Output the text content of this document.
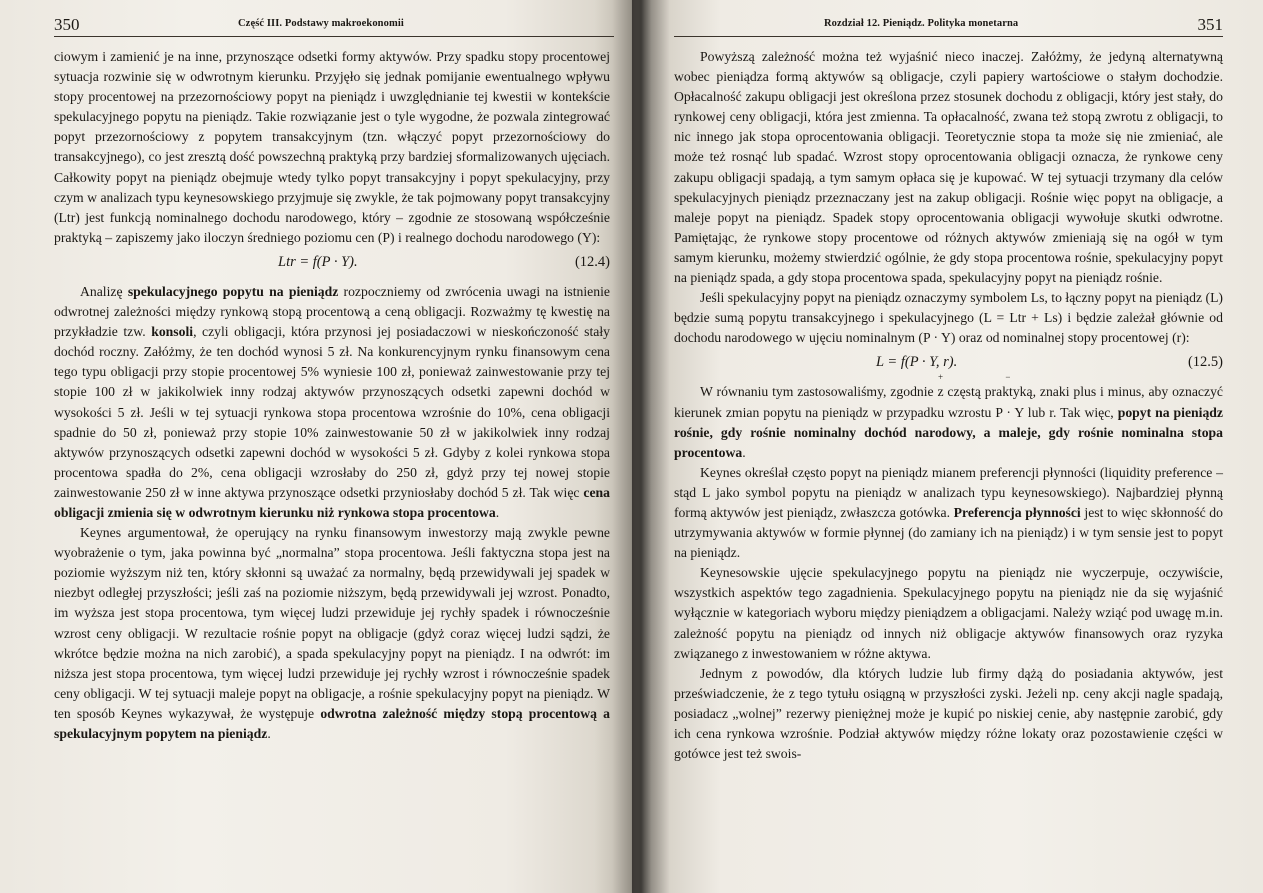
350	Część III. Podstawy makroekonomii

ciowym i zamienić je na inne, przynoszące odsetki formy aktywów. Przy spadku stopy procentowej sytuacja rozwinie się w odwrotnym kierunku. Przyjęło się jednak pomijanie ewentualnego wpływu stopy procentowej na przezornościowy popyt na pieniądz i uwzględnianie tej kwestii w kontekście spekulacyjnego popytu na pieniądz. Takie rozwiązanie jest o tyle wygodne, że pozwala zintegrować popyt przezornościowy z popytem transakcyjnym (tzn. włączyć popyt przezornościowy do transakcyjnego), co jest zresztą dość powszechną praktyką przy bardziej sformalizowanych ujęciach. Całkowity popyt na pieniądz obejmuje wtedy tylko popyt transakcyjny i popyt spekulacyjny, przy czym w analizach typu keynesowskiego przyjmuje się zwykle, że tak pojmowany popyt transakcyjny (Ltr) jest funkcją nominalnego dochodu narodowego, który – zgodnie ze stosowaną współcześnie praktyką – zapiszemy jako iloczyn średniego poziomu cen (P) i realnego dochodu narodowego (Y):

Ltr = f(P · Y).	(12.4)

Analizę spekulacyjnego popytu na pieniądz rozpoczniemy od zwrócenia uwagi na istnienie odwrotnej zależności między rynkową stopą procentową a ceną obligacji. Rozważmy tę kwestię na przykładzie tzw. konsoli, czyli obligacji, która przynosi jej posiadaczowi w nieskończoność stały dochód roczny. Załóżmy, że ten dochód wynosi 5 zł. Na konkurencyjnym rynku finansowym cena tego typu obligacji przy stopie procentowej 5% wyniesie 100 zł, ponieważ zainwestowanie przy tej stopie 100 zł w jakikolwiek inny rodzaj aktywów przynoszących odsetki zapewni dochód w wysokości 5 zł. Jeśli w tej sytuacji rynkowa stopa procentowa wzrośnie do 10%, cena obligacji spadnie do 50 zł, ponieważ przy stopie 10% zainwestowanie 50 zł w jakikolwiek inny rodzaj aktywów przynoszących odsetki zapewni dochód w wysokości 5 zł. Gdyby z kolei rynkowa stopa procentowa spadła do 2%, cena obligacji wzrosłaby do 250 zł, gdyż przy tej nowej stopie zainwestowanie 250 zł w inne aktywa przynoszące odsetki przyniosłaby dochód 5 zł. Tak więc cena obligacji zmienia się w odwrotnym kierunku niż rynkowa stopa procentowa.

Keynes argumentował, że operujący na rynku finansowym inwestorzy mają zwykle pewne wyobrażenie o tym, jaka powinna być „normalna” stopa procentowa. Jeśli faktyczna stopa jest na poziomie wyższym niż ten, który skłonni są uważać za normalny, będą przewidywali jej spadek w niezbyt odległej przyszłości; jeśli zaś na poziomie niższym, będą przewidywali jej wzrost. Ponadto, im wyższa jest stopa procentowa, tym więcej ludzi przewiduje jej rychły spadek i równocześnie wzrost ceny obligacji. W rezultacie rośnie popyt na obligacje (gdyż coraz więcej ludzi sądzi, że wkrótce będzie można na nich zarobić), a spada spekulacyjny popyt na pieniądz. I na odwrót: im niższa jest stopa procentowa, tym więcej ludzi przewiduje jej rychły wzrost i równocześnie spadek ceny obligacji. W tej sytuacji maleje popyt na obligacje, a rośnie spekulacyjny popyt na pieniądz. W ten sposób Keynes wykazywał, że występuje odwrotna zależność między stopą procentową a spekulacyjnym popytem na pieniądz.

Rozdział 12. Pieniądz. Polityka monetarna	351

Powyższą zależność można też wyjaśnić nieco inaczej. Załóżmy, że jedyną alternatywną wobec pieniądza formą aktywów są obligacje, czyli papiery wartościowe o stałym dochodzie. Opłacalność zakupu obligacji jest określona przez stosunek dochodu z obligacji, który jest stały, do rynkowej ceny obligacji, która jest zmienna. Ta opłacalność, zwana też stopą zwrotu z obligacji, to nic innego jak stopa oprocentowania obligacji. Teoretycznie stopa ta może się nie zmieniać, ale może też rosnąć lub spadać. Wzrost stopy oprocentowania obligacji oznacza, że rynkowe ceny zakupu obligacji spadają, a tym samym opłaca się je kupować. W tej sytuacji trzymany dla celów spekulacyjnych pieniądz przeznaczany jest na zakup obligacji. Rośnie więc popyt na obligacje, a maleje popyt na pieniądz. Spadek stopy oprocentowania obligacji wywołuje skutki odwrotne. Pamiętając, że rynkowe stopy procentowe od różnych aktywów zmieniają się na ogół w tym samym kierunku, możemy stwierdzić ogólnie, że gdy stopa procentowa rośnie, spekulacyjny popyt na pieniądz spada, a gdy stopa procentowa spada, spekulacyjny popyt na pieniądz rośnie.

Jeśli spekulacyjny popyt na pieniądz oznaczymy symbolem Ls, to łączny popyt na pieniądz (L) będzie sumą popytu transakcyjnego i spekulacyjnego (L = Ltr + Ls) i będzie zależał głównie od dochodu narodowego w ujęciu nominalnym (P · Y) oraz od nominalnej stopy procentowej (r):

L = f(P · Y, r).
+ −
(12.5)

W równaniu tym zastosowaliśmy, zgodnie z częstą praktyką, znaki plus i minus, aby oznaczyć kierunek zmian popytu na pieniądz w przypadku wzrostu P · Y lub r. Tak więc, popyt na pieniądz rośnie, gdy rośnie nominalny dochód narodowy, a maleje, gdy rośnie nominalna stopa procentowa.

Keynes określał często popyt na pieniądz mianem preferencji płynności (liquidity preference – stąd L jako symbol popytu na pieniądz w analizach typu keynesowskiego). Najbardziej płynną formą aktywów jest pieniądz, zwłaszcza gotówka. Preferencja płynności jest to więc skłonność do utrzymywania aktywów w formie płynnej (do zamiany ich na pieniądz) i w tym sensie jest to popyt na pieniądz.

Keynesowskie ujęcie spekulacyjnego popytu na pieniądz nie wyczerpuje, oczywiście, wszystkich aspektów tego zagadnienia. Spekulacyjnego popytu na pieniądz nie da się wyjaśnić wyłącznie w kategoriach wyboru między pieniądzem a obligacjami. Należy wziąć pod uwagę m.in. zależność popytu na pieniądz od innych niż obligacje aktywów finansowych oraz ryzyka związanego z inwestowaniem w różne aktywa.

Jednym z powodów, dla których ludzie lub firmy dążą do posiadania aktywów, jest przeświadczenie, że z tego tytułu osiągną w przyszłości zyski. Jeżeli np. ceny akcji nagle spadają, posiadacz „wolnej” rezerwy pieniężnej może je kupić po niskiej cenie, aby następnie zarobić, gdy ich cena rynkowa wzrośnie. Podział aktywów między różne lokaty oraz pozostawienie części w gotówce jest też swois-
